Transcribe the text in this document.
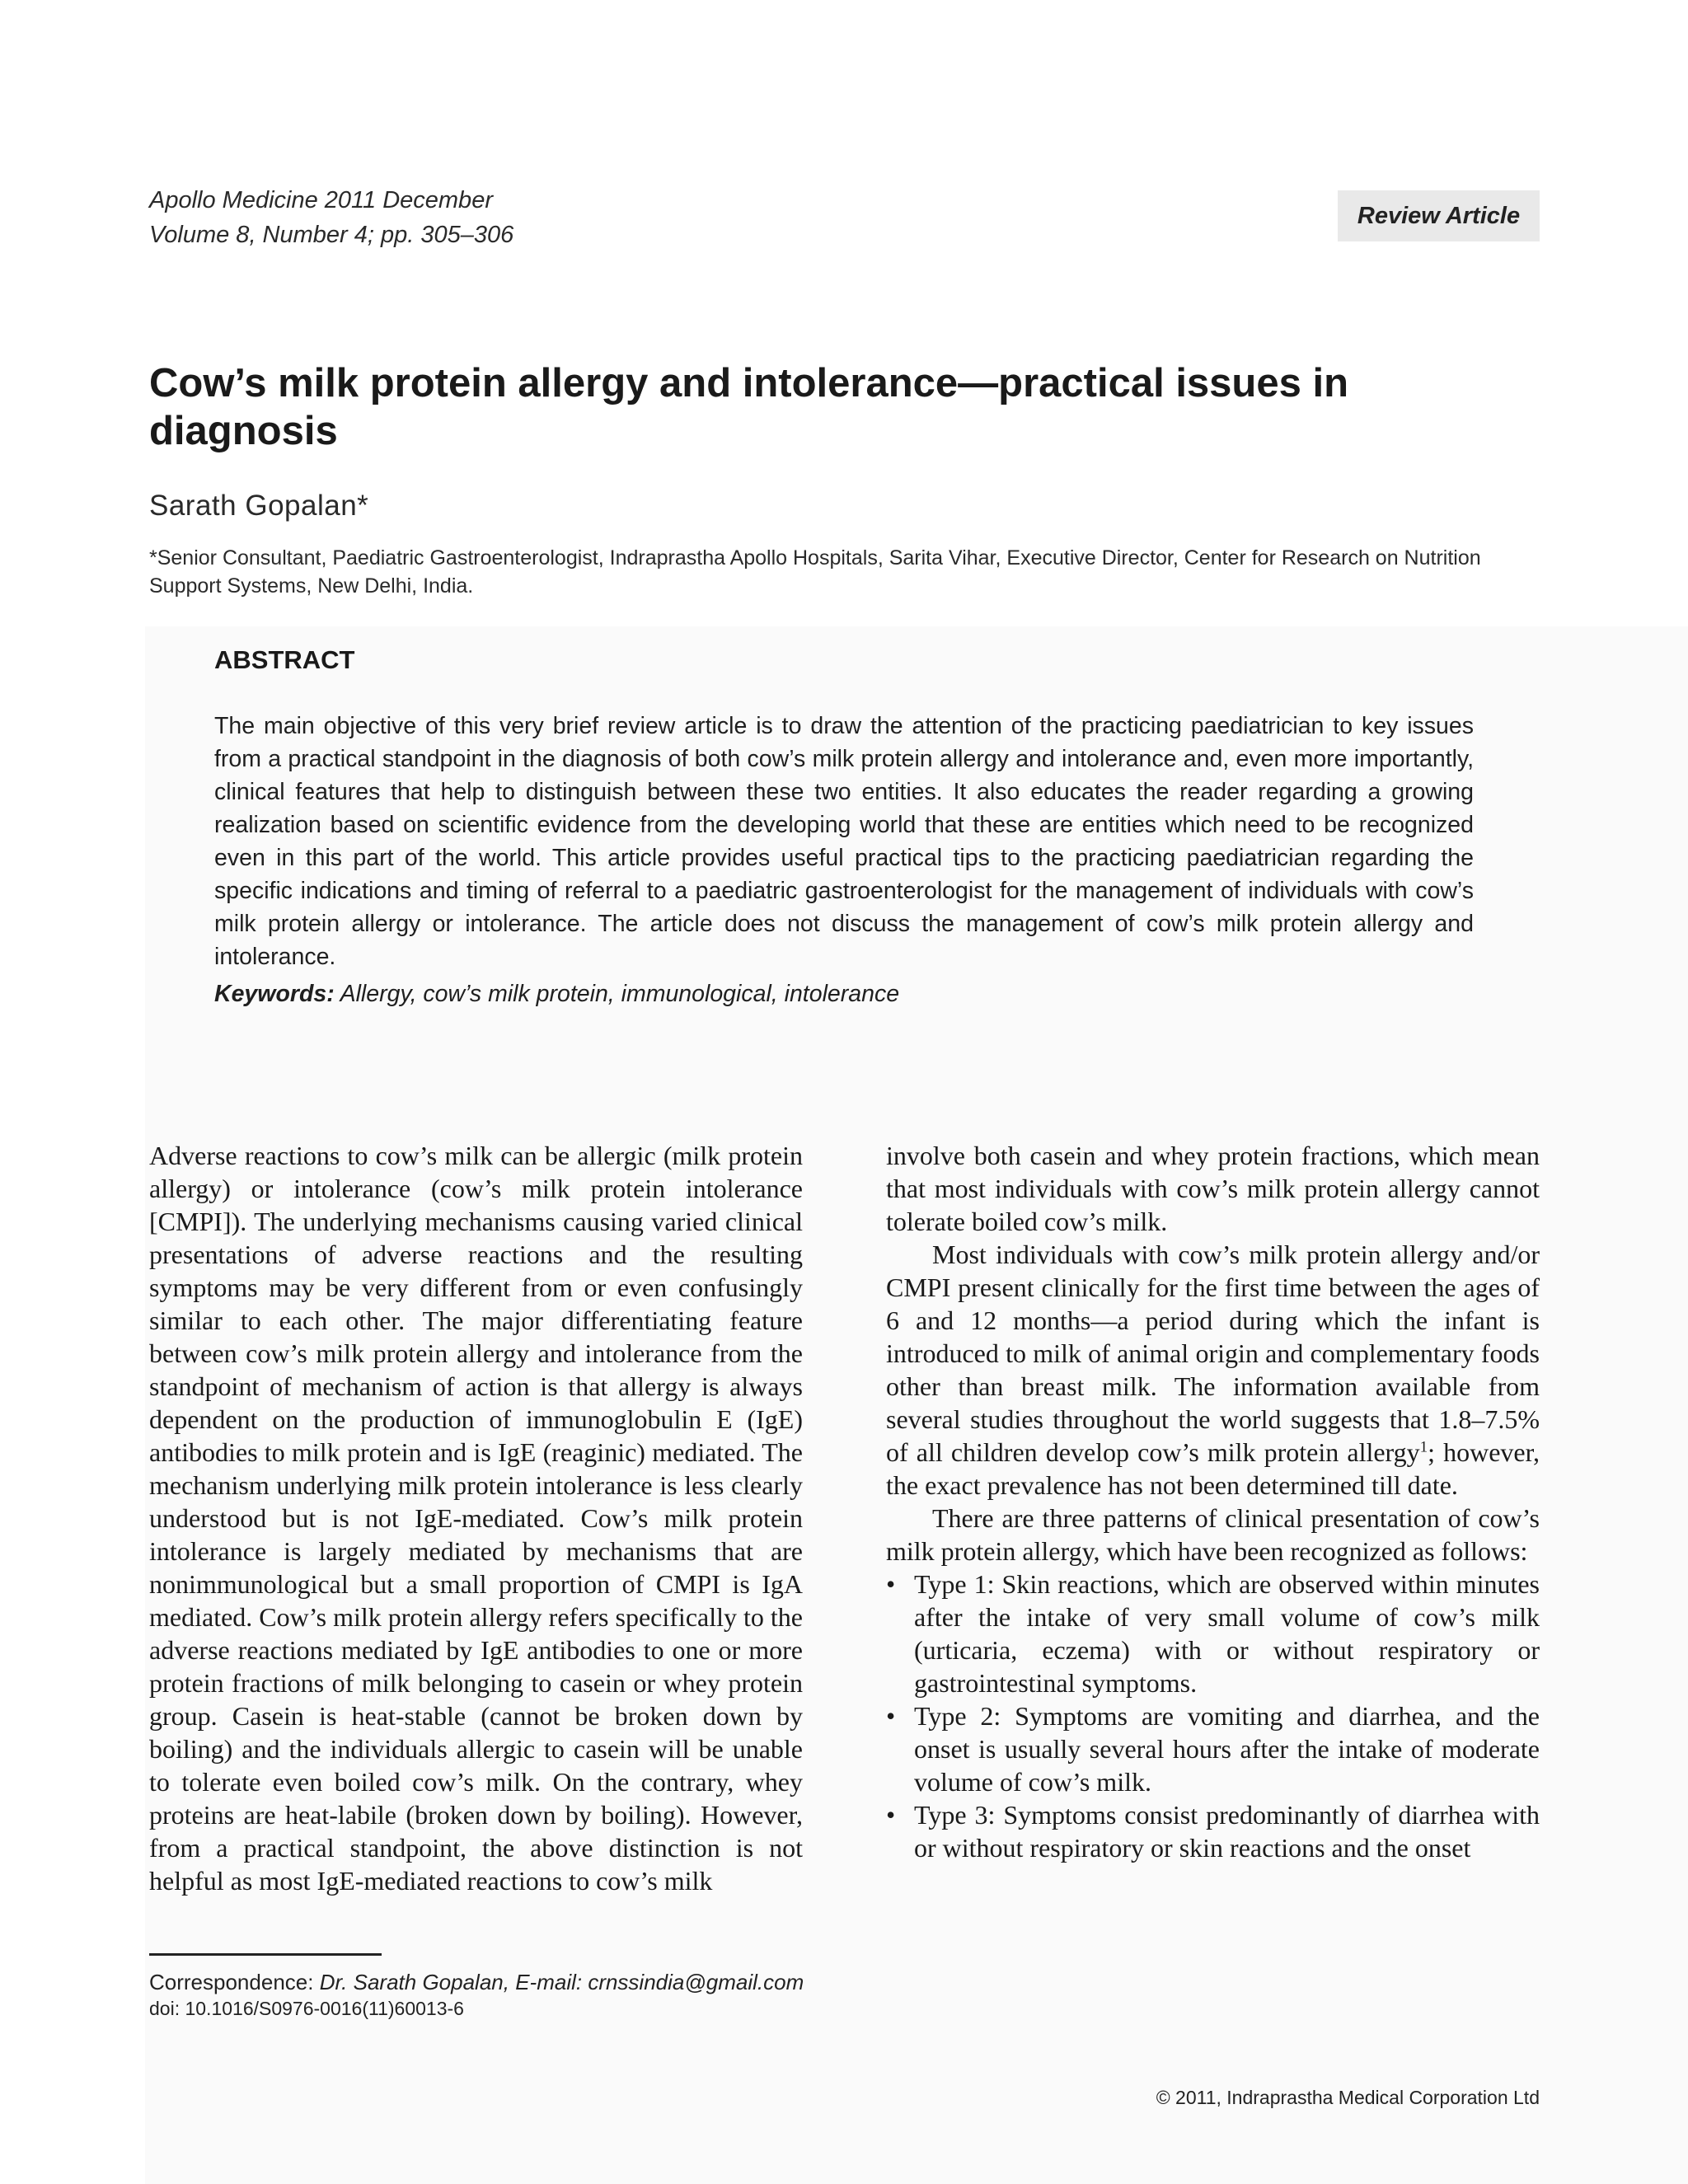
Apollo Medicine 2011 December
Volume 8, Number 4; pp. 305–306
Review Article
Cow’s milk protein allergy and intolerance—practical issues in diagnosis
Sarath Gopalan*
*Senior Consultant, Paediatric Gastroenterologist, Indraprastha Apollo Hospitals, Sarita Vihar, Executive Director, Center for Research on Nutrition Support Systems, New Delhi, India.
ABSTRACT
The main objective of this very brief review article is to draw the attention of the practicing paediatrician to key issues from a practical standpoint in the diagnosis of both cow’s milk protein allergy and intolerance and, even more importantly, clinical features that help to distinguish between these two entities. It also educates the reader regarding a growing realization based on scientific evidence from the developing world that these are entities which need to be recognized even in this part of the world. This article provides useful practical tips to the practicing paediatrician regarding the specific indications and timing of referral to a paediatric gastroenterologist for the management of individuals with cow’s milk protein allergy or intolerance. The article does not discuss the management of cow’s milk protein allergy and intolerance.
Keywords: Allergy, cow’s milk protein, immunological, intolerance

Adverse reactions to cow’s milk can be allergic (milk protein allergy) or intolerance (cow’s milk protein intolerance [CMPI]). The underlying mechanisms causing varied clinical presentations of adverse reactions and the resulting symptoms may be very different from or even confusingly similar to each other. The major differentiating feature between cow’s milk protein allergy and intolerance from the standpoint of mechanism of action is that allergy is always dependent on the production of immunoglobulin E (IgE) antibodies to milk protein and is IgE (reaginic) mediated. The mechanism underlying milk protein intolerance is less clearly understood but is not IgE-mediated. Cow’s milk protein intolerance is largely mediated by mechanisms that are nonimmunological but a small proportion of CMPI is IgA mediated. Cow’s milk protein allergy refers specifically to the adverse reactions mediated by IgE antibodies to one or more protein fractions of milk belonging to casein or whey protein group. Casein is heat-stable (cannot be broken down by boiling) and the individuals allergic to casein will be unable to tolerate even boiled cow’s milk. On the contrary, whey proteins are heat-labile (broken down by boiling). However, from a practical standpoint, the above distinction is not helpful as most IgE-mediated reactions to cow’s milk

involve both casein and whey protein fractions, which mean that most individuals with cow’s milk protein allergy cannot tolerate boiled cow’s milk.

Most individuals with cow’s milk protein allergy and/or CMPI present clinically for the first time between the ages of 6 and 12 months—a period during which the infant is introduced to milk of animal origin and complementary foods other than breast milk. The information available from several studies throughout the world suggests that 1.8–7.5% of all children develop cow’s milk protein allergy$^1$; however, the exact prevalence has not been determined till date.

There are three patterns of clinical presentation of cow’s milk protein allergy, which have been recognized as follows:

• Type 1: Skin reactions, which are observed within minutes after the intake of very small volume of cow’s milk (urticaria, eczema) with or without respiratory or gastrointestinal symptoms.
• Type 2: Symptoms are vomiting and diarrhea, and the onset is usually several hours after the intake of moderate volume of cow’s milk.
• Type 3: Symptoms consist predominantly of diarrhea with or without respiratory or skin reactions and the onset
Correspondence: Dr. Sarath Gopalan, E-mail: crnssindia@gmail.com
doi: 10.1016/S0976-0016(11)60013-6
© 2011, Indraprastha Medical Corporation Ltd
